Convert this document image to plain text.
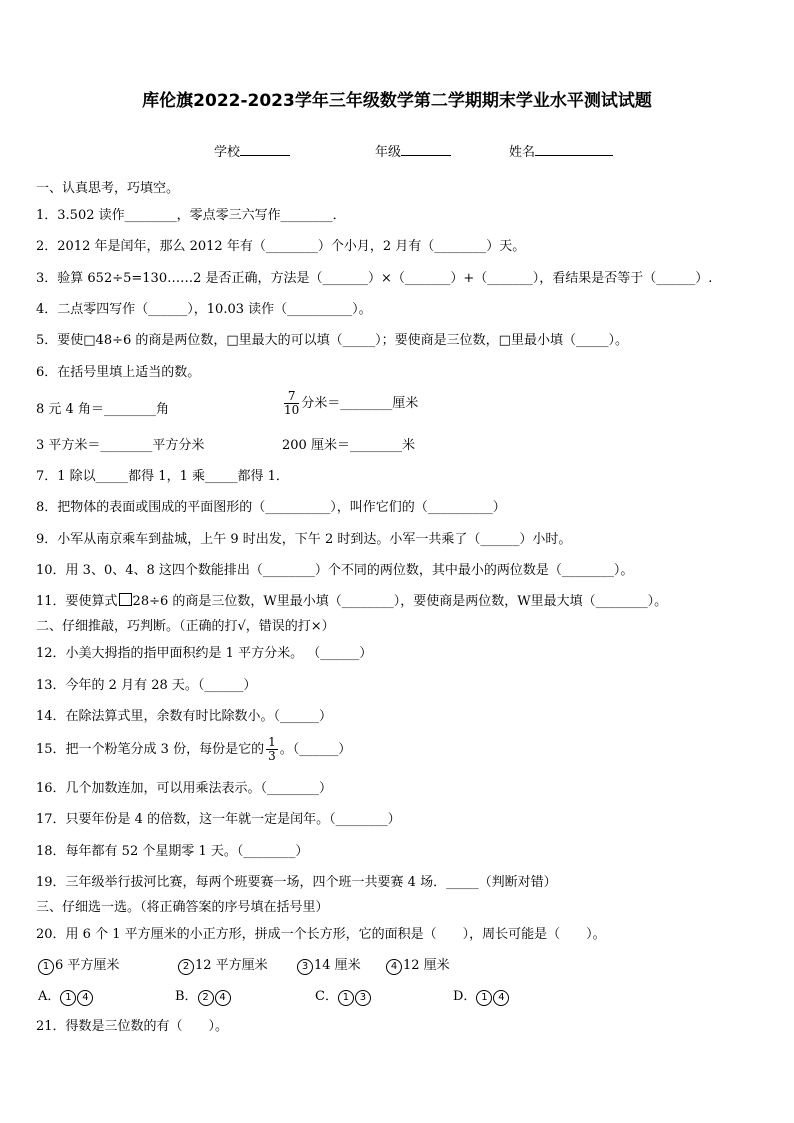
库伦旗2022-2023学年三年级数学第二学期期末学业水平测试试题
学校	年级	姓名
一、认真思考，巧填空。
1．3.502 读作________，零点零三六写作________．
2．2012 年是闰年，那么 2012 年有（________）个小月，2 月有（________）天。
3．验算 652÷5=130……2 是否正确，方法是（_______）×（_______）+（_______），看结果是否等于（______）.
4．二点零四写作（______），10.03 读作（__________）。
5．要使□48÷6 的商是两位数，□里最大的可以填（_____）；要使商是三位数，□里最小填（_____）。
6．在括号里填上适当的数。
8 元 4 角＝________角	$\frac{7}{10}$ 分米＝________厘米
3 平方米＝________平方分米	200 厘米＝________米
7．1 除以_____都得 1，1 乘_____都得 1．
8．把物体的表面或围成的平面图形的（__________），叫作它们的（__________）
9．小军从南京乘车到盐城，上午 9 时出发，下午 2 时到达。小军一共乘了（______）小时。
10．用 3、0、4、8 这四个数能排出（________）个不同的两位数，其中最小的两位数是（________）。
11．要使算式 28÷6 的商是三位数，W里最小填（________），要使商是两位数，W里最大填（________）。
二、仔细推敲，巧判断。（正确的打√，错误的打×）
12．小美大拇指的指甲面积约是 1 平方分米。 （______）
13．今年的 2 月有 28 天。（______）
14．在除法算式里，余数有时比除数小。（______）
15．把一个粉笔分成 3 份，每份是它的 $\frac{1}{3}$ 。（______）
16．几个加数连加，可以用乘法表示。（________）
17．只要年份是 4 的倍数，这一年就一定是闰年。（________）
18．每年都有 52 个星期零 1 天。（________）
19．三年级举行拔河比赛，每两个班要赛一场，四个班一共要赛 4 场．_____（判断对错）
三、仔细选一选。（将正确答案的序号填在括号里）
20．用 6 个 1 平方厘米的小正方形，拼成一个长方形，它的面积是（　　），周长可能是（　　）。
1 6 平方厘米	2 12 平方厘米	3 14 厘米	4 12 厘米
A． 1 4	B． 2 4	C． 1 3	D． 1 4
21．得数是三位数的有（　　）。
